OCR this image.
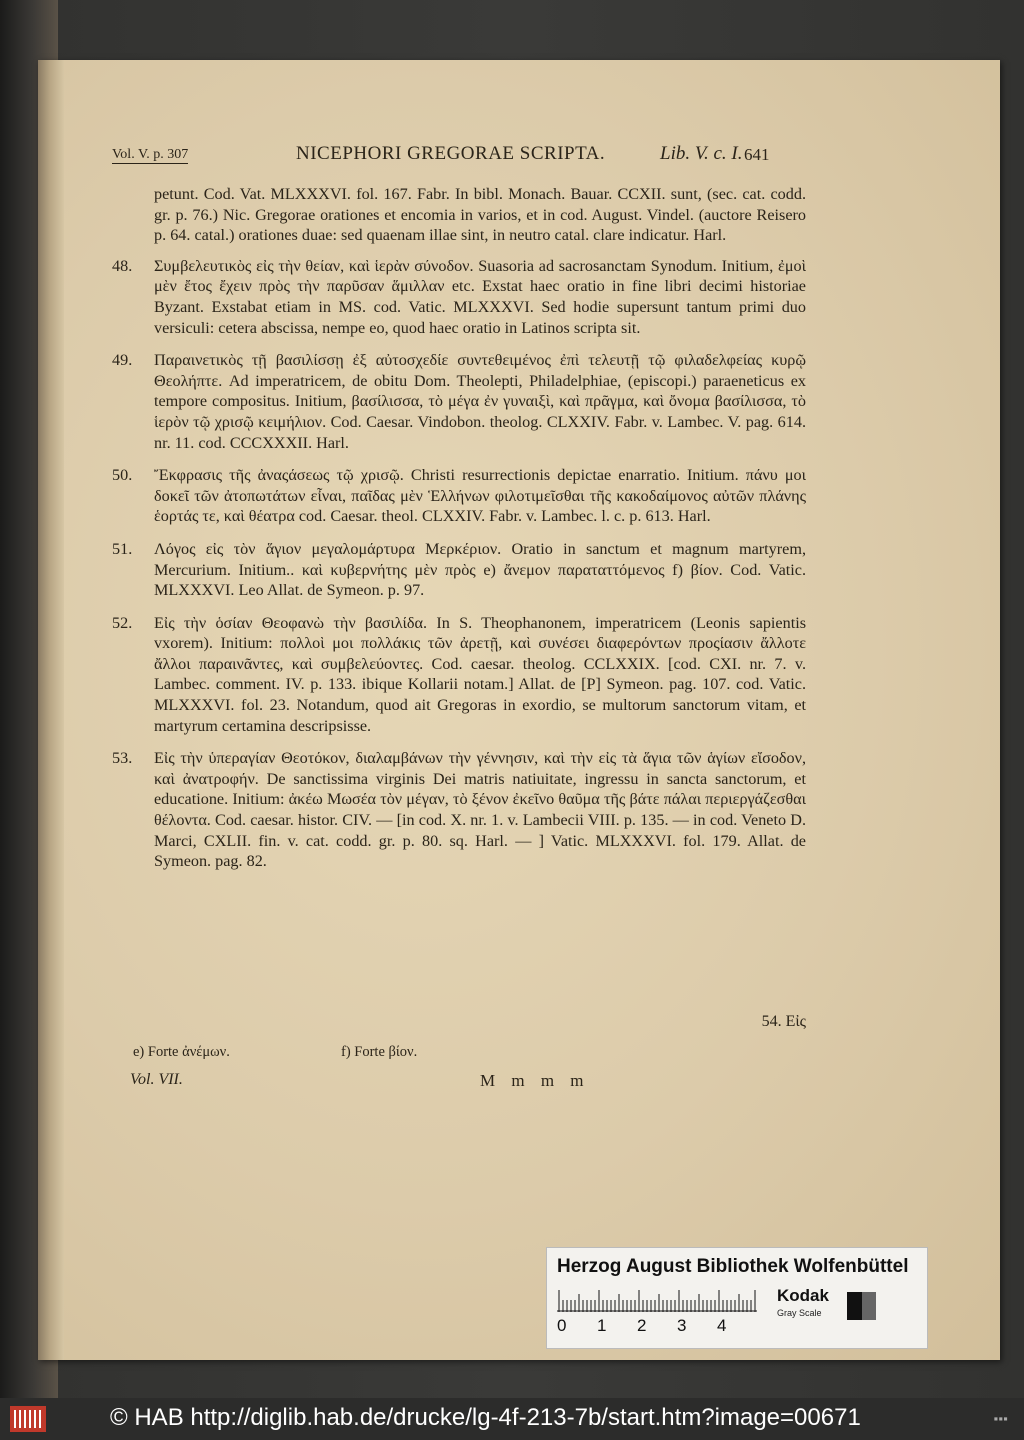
Vol. V. p. 307	NICEPHORI GREGORAE SCRIPTA.	Lib. V. c. I. 641
petunt. Cod. Vat. MLXXXVI. fol. 167. Fabr. In bibl. Monach. Bauar. CCXII. sunt, (sec. cat. codd. gr. p. 76.) Nic. Gregorae orationes et encomia in varios, et in cod. August. Vindel. (auctore Reisero p. 64. catal.) orationes duae: sed quaenam illae sint, in neutro catal. clare indicatur. Harl.
48. Συμβελευτικὸς εἰς τὴν θείαν, καὶ ἱερὰν σύνοδον. Suasoria ad sacrosanctam Synodum. Initium, ἐμοὶ μὲν ἔτος ἔχειν πρὸς τὴν παρῦσαν ἅμιλλαν etc. Exstat haec oratio in fine libri decimi historiae Byzant. Exstabat etiam in MS. cod. Vatic. MLXXXVI. Sed hodie supersunt tantum primi duo versiculi: cetera abscissa, nempe eo, quod haec oratio in Latinos scripta sit.
49. Παραινετικὸς τῇ βασιλίσσῃ ἐξ αὐτοσχεδίε συντεθειμένος ἐπὶ τελευτῇ τῷ φιλαδελφείας κυρῷ Θεολήπτε. Ad imperatricem, de obitu Dom. Theolepti, Philadelphiae, (episcopi.) paraeneticus ex tempore compositus. Initium, βασίλισσα, τὸ μέγα ἐν γυναιξὶ, καὶ πρᾶγμα, καὶ ὄνομα βασίλισσα, τὸ ἱερὸν τῷ χρισῷ κειμήλιον. Cod. Caesar. Vindobon. theolog. CLXXIV. Fabr. v. Lambec. V. pag. 614. nr. 11. cod. CCCXXXII. Harl.
50. Ἔκφρασις τῆς ἀναςάσεως τῷ χρισῷ. Christi resurrectionis depictae enarratio. Initium. πάνυ μοι δοκεῖ τῶν ἀτοπωτάτων εἶναι, παῖδας μὲν Ἑλλήνων φιλοτιμεῖσθαι τῆς κακοδαίμονος αὐτῶν πλάνης ἑορτάς τε, καὶ θέατρα cod. Caesar. theol. CLXXIV. Fabr. v. Lambec. l. c. p. 613. Harl.
51. Λόγος εἰς τὸν ἅγιον μεγαλομάρτυρα Μερκέριον. Oratio in sanctum et magnum martyrem, Mercurium. Initium.. καὶ κυβερνήτης μὲν πρὸς e) ἄνεμον παραταττόμενος f) βίον. Cod. Vatic. MLXXXVI. Leo Allat. de Symeon. p. 97.
52. Εἰς τὴν ὁσίαν Θεοφανὼ τὴν βασιλίδα. In S. Theophanonem, imperatricem (Leonis sapientis vxorem). Initium: πολλοὶ μοι πολλάκις τῶν ἀρετῇ, καὶ συνέσει διαφερόντων προςίασιν ἄλλοτε ἄλλοι παραινᾶντες, καὶ συμβελεύοντες. Cod. caesar. theolog. CCLXXIX. [cod. CXI. nr. 7. v. Lambec. comment. IV. p. 133. ibique Kollarii notam.] Allat. de [P] Symeon. pag. 107. cod. Vatic. MLXXXVI. fol. 23. Notandum, quod ait Gregoras in exordio, se multorum sanctorum vitam, et martyrum certamina descripsisse.
53. Εἰς τὴν ὑπεραγίαν Θεοτόκον, διαλαμβάνων τὴν γέννησιν, καὶ τὴν εἰς τὰ ἅγια τῶν ἁγίων εἴσοδον, καὶ ἀνατροφήν. De sanctissima virginis Dei matris natiuitate, ingressu in sancta sanctorum, et educatione. Initium: ἀκέω Μωσέα τὸν μέγαν, τὸ ξένον ἐκεῖνο θαῦμα τῆς βάτε πάλαι περιεργάζεσθαι θέλοντα. Cod. caesar. histor. CIV. — [in cod. X. nr. 1. v. Lambecii VIII. p. 135. — in cod. Veneto D. Marci, CXLII. fin. v. cat. codd. gr. p. 80. sq. Harl. — ] Vatic. MLXXXVI. fol. 179. Allat. de Symeon. pag. 82.
54. Εἰς
e) Forte ἀνέμων.	f) Forte βίον.
Vol. VII.	M m m m
Herzog August Bibliothek Wolfenbüttel
0 1 2 3 4
Kodak
Gray Scale
© HAB http://diglib.hab.de/drucke/lg-4f-213-7b/start.htm?image=00671	▪▪▪
